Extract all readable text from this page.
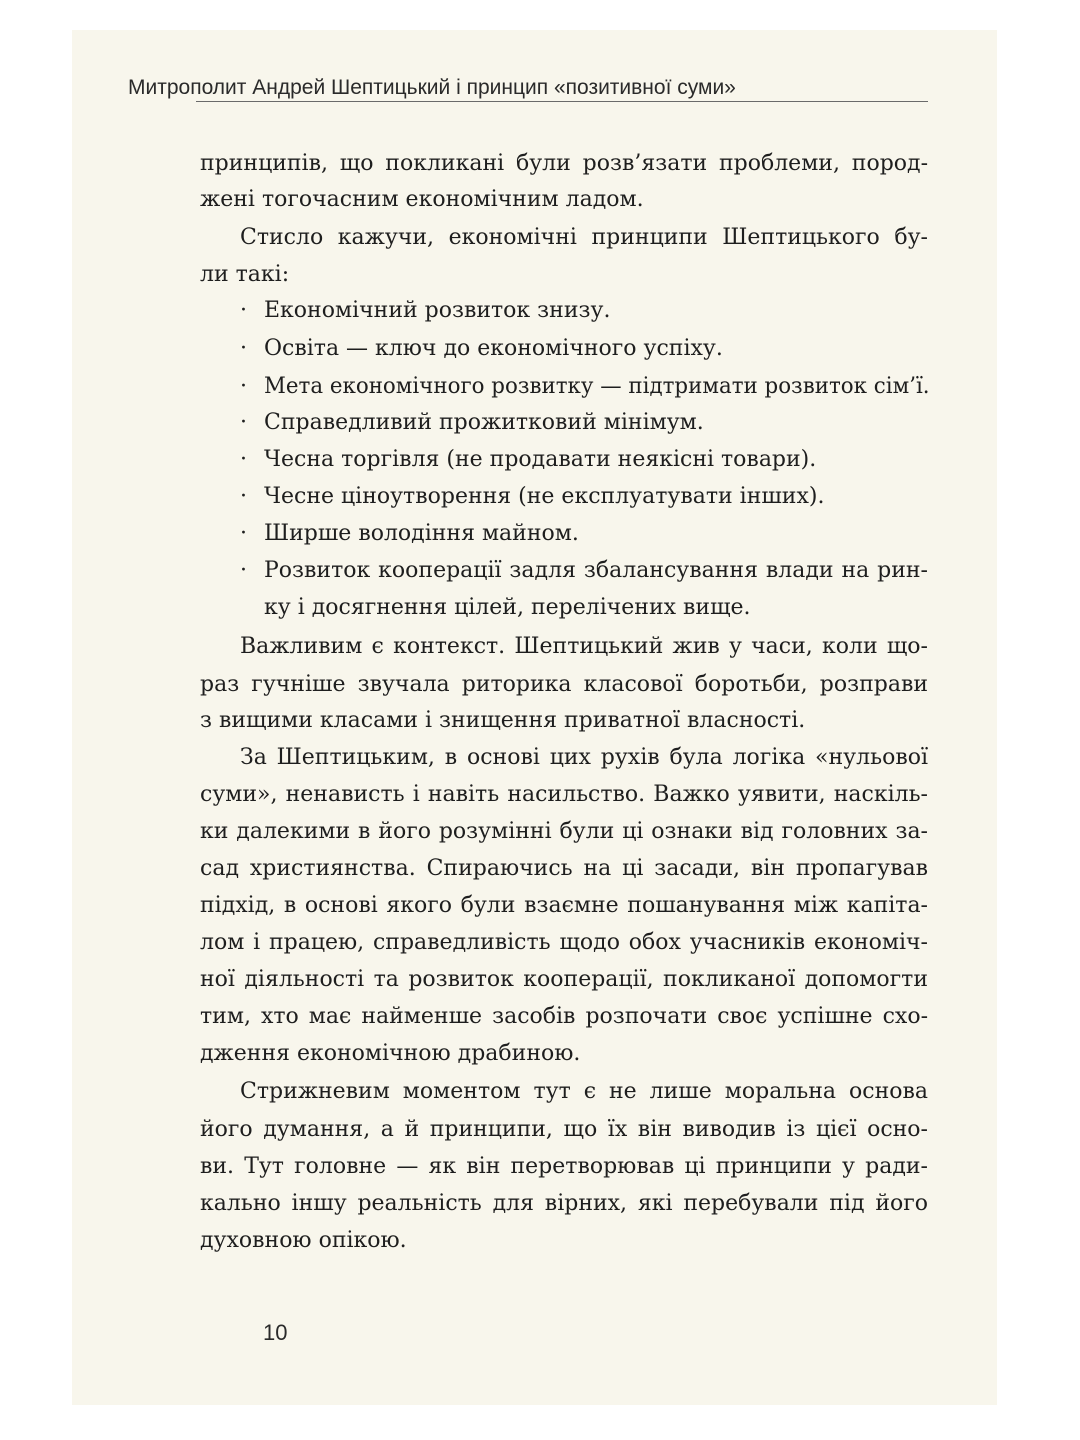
Митрополит Андрей Шептицький і принцип «позитивної суми»
принципів, що покликані були розв’язати проблеми, пород-
жені тогочасним економічним ладом.
Стисло кажучи, економічні принципи Шептицького бу-
ли такі:
· Економічний розвиток знизу.
· Освіта — ключ до економічного успіху.
· Мета економічного розвитку — підтримати розвиток сім’ї.
· Справедливий прожитковий мінімум.
· Чесна торгівля (не продавати неякісні товари).
· Чесне ціноутворення (не експлуатувати інших).
· Ширше володіння майном.
· Розвиток кооперації задля збалансування влади на рин-
ку і досягнення цілей, перелічених вище.
Важливим є контекст. Шептицький жив у часи, коли що-
раз гучніше звучала риторика класової боротьби, розправи
з вищими класами і знищення приватної власності.
За Шептицьким, в основі цих рухів була логіка «нульової
суми», ненависть і навіть насильство. Важко уявити, наскіль-
ки далекими в його розумінні були ці ознаки від головних за-
сад християнства. Спираючись на ці засади, він пропагував
підхід, в основі якого були взаємне пошанування між капіта-
лом і працею, справедливість щодо обох учасників економіч-
ної діяльності та розвиток кооперації, покликаної допомогти
тим, хто має найменше засобів розпочати своє успішне схо-
дження економічною драбиною.
Стрижневим моментом тут є не лише моральна основа
його думання, а й принципи, що їх він виводив із цієї осно-
ви. Тут головне — як він перетворював ці принципи у ради-
кально іншу реальність для вірних, які перебували під його
духовною опікою.
10
